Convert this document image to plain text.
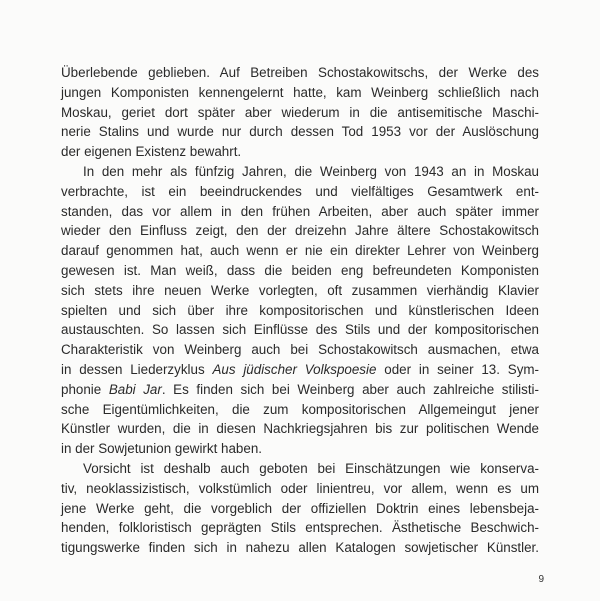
Überlebende geblieben. Auf Betreiben Schostakowitschs, der Werke des
jungen Komponisten kennengelernt hatte, kam Weinberg schließlich nach
Moskau, geriet dort später aber wiederum in die antisemitische Maschi-
nerie Stalins und wurde nur durch dessen Tod 1953 vor der Auslöschung
der eigenen Existenz bewahrt.

In den mehr als fünfzig Jahren, die Weinberg von 1943 an in Moskau
verbrachte, ist ein beeindruckendes und vielfältiges Gesamtwerk ent-
standen, das vor allem in den frühen Arbeiten, aber auch später immer
wieder den Einfluss zeigt, den der dreizehn Jahre ältere Schostakowitsch
darauf genommen hat, auch wenn er nie ein direkter Lehrer von Weinberg
gewesen ist. Man weiß, dass die beiden eng befreundeten Komponisten
sich stets ihre neuen Werke vorlegten, oft zusammen vierhändig Klavier
spielten und sich über ihre kompositorischen und künstlerischen Ideen
austauschten. So lassen sich Einflüsse des Stils und der kompositorischen
Charakteristik von Weinberg auch bei Schostakowitsch ausmachen, etwa
in dessen Liederzyklus Aus jüdischer Volkspoesie oder in seiner 13. Sym-
phonie Babi Jar. Es finden sich bei Weinberg aber auch zahlreiche stilisti-
sche Eigentümlichkeiten, die zum kompositorischen Allgemeingut jener
Künstler wurden, die in diesen Nachkriegsjahren bis zur politischen Wende
in der Sowjetunion gewirkt haben.

Vorsicht ist deshalb auch geboten bei Einschätzungen wie konserva-
tiv, neoklassizistisch, volkstümlich oder linientreu, vor allem, wenn es um
jene Werke geht, die vorgeblich der offiziellen Doktrin eines lebensbeja-
henden, folkloristisch geprägten Stils entsprechen. Ästhetische Beschwich-
tigungswerke finden sich in nahezu allen Katalogen sowjetischer Künstler.

9
